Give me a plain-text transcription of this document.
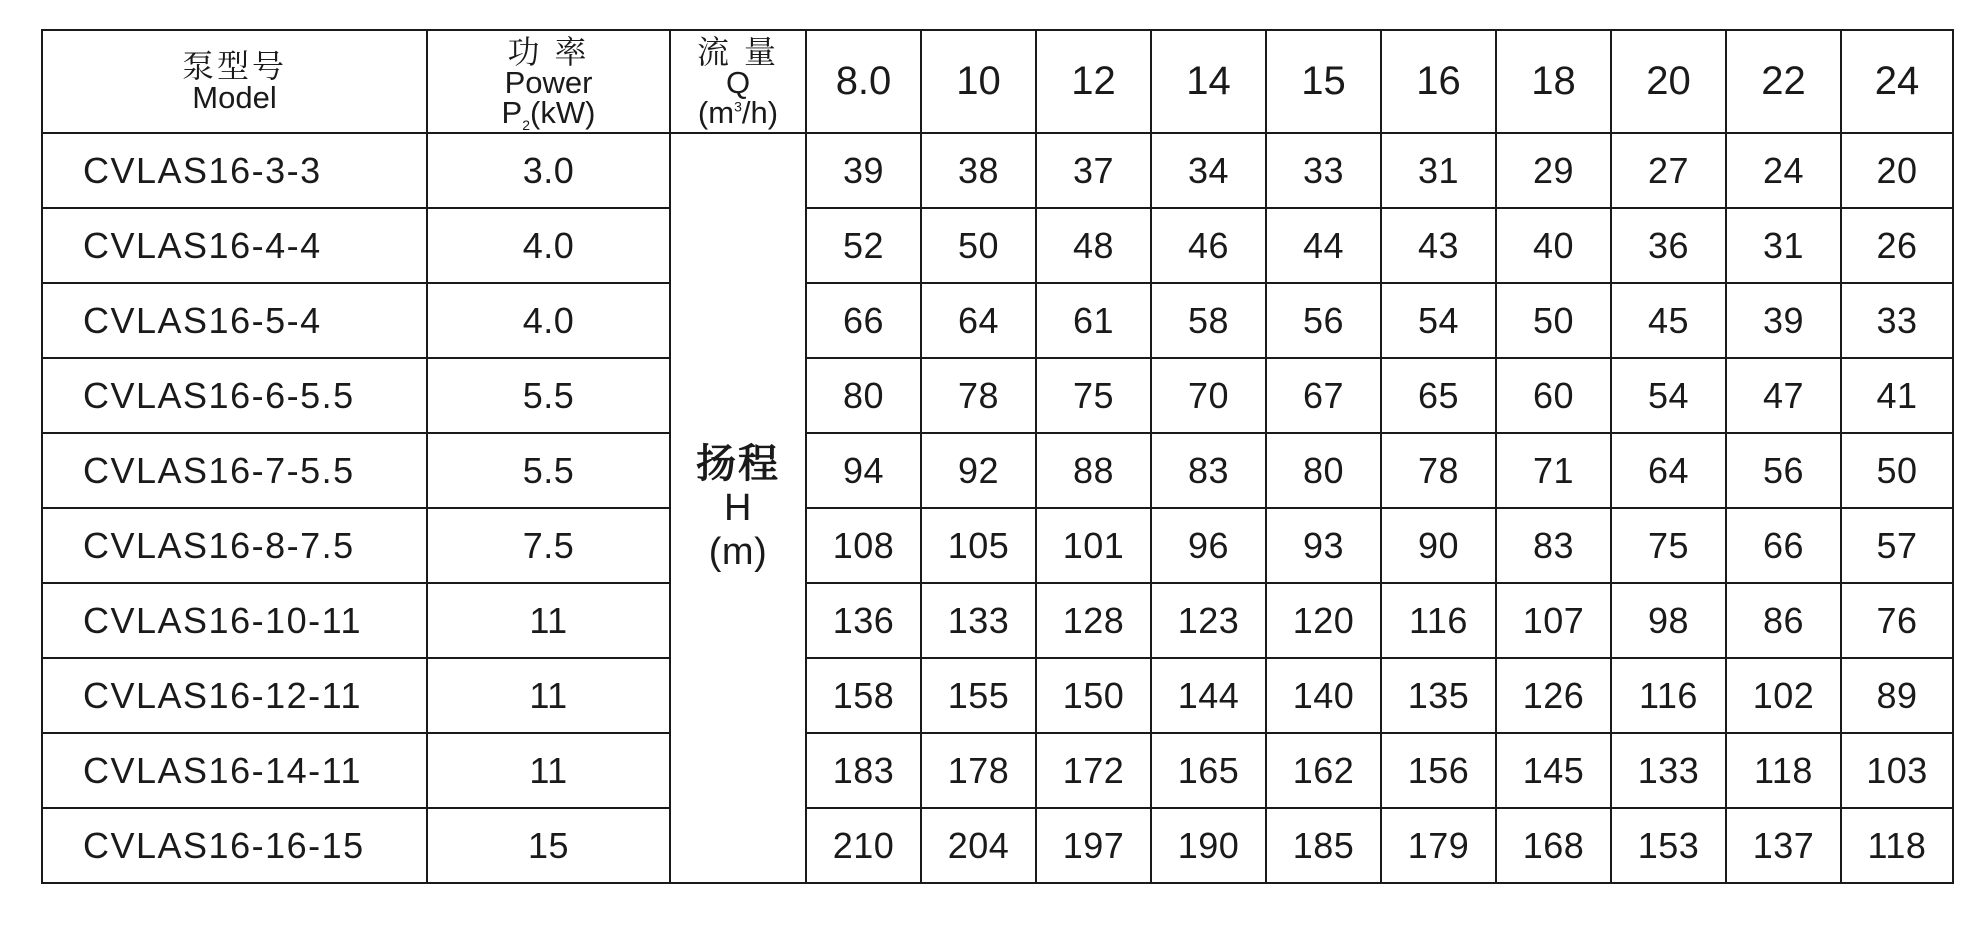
泵型号
Model	功 率
Power
$P_2(kW)$	流 量
Q
$(m^3/h)$	8.0	10	12	14	15	16	18	20	22	24
CVLAS16-3-3	3.0	扬程
H
(m)	39	38	37	34	33	31	29	27	24	20
CVLAS16-4-4	4.0		52	50	48	46	44	43	40	36	31	26
CVLAS16-5-4	4.0		66	64	61	58	56	54	50	45	39	33
CVLAS16-6-5.5	5.5		80	78	75	70	67	65	60	54	47	41
CVLAS16-7-5.5	5.5		94	92	88	83	80	78	71	64	56	50
CVLAS16-8-7.5	7.5		108	105	101	96	93	90	83	75	66	57
CVLAS16-10-11	11		136	133	128	123	120	116	107	98	86	76
CVLAS16-12-11	11		158	155	150	144	140	135	126	116	102	89
CVLAS16-14-11	11		183	178	172	165	162	156	145	133	118	103
CVLAS16-16-15	15		210	204	197	190	185	179	168	153	137	118
